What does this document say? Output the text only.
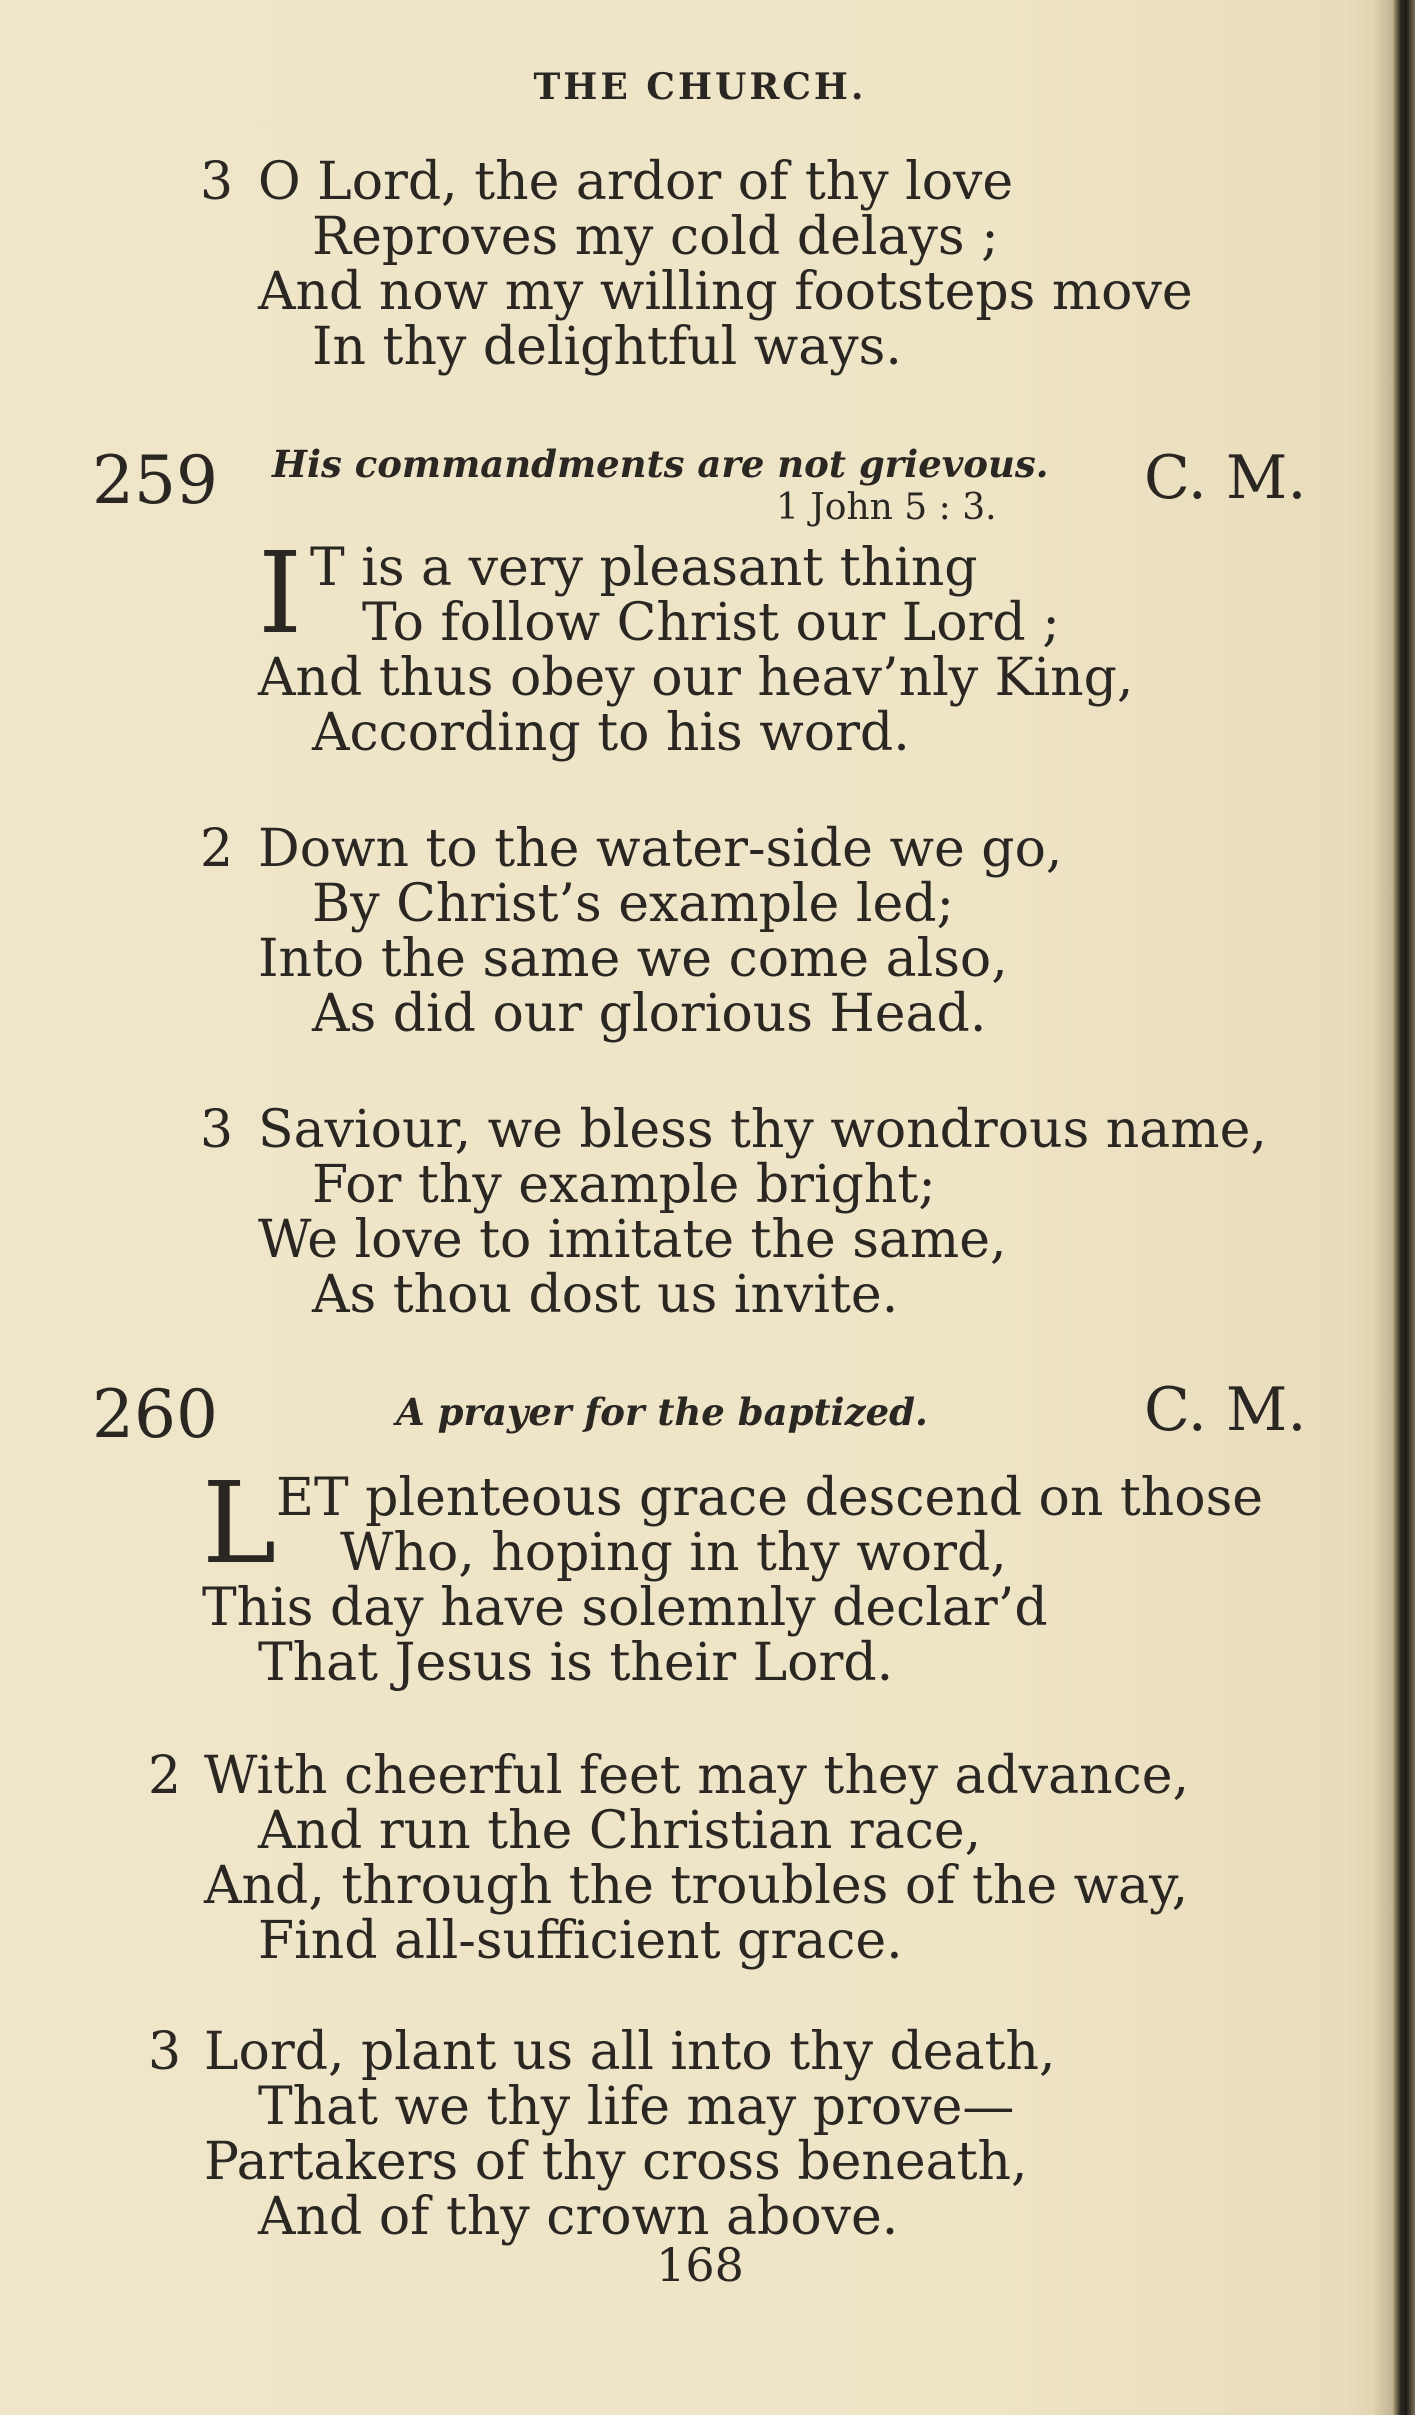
THE CHURCH.
3 O Lord, the ardor of thy love
Reproves my cold delays ;
And now my willing footsteps move
In thy delightful ways.
259 His commandments are not grievous.
1 John 5 : 3. C. M.
I T is a very pleasant thing
To follow Christ our Lord ;
And thus obey our heav’nly King,
According to his word.
2 Down to the water-side we go,
By Christ’s example led;
Into the same we come also,
As did our glorious Head.
3 Saviour, we bless thy wondrous name,
For thy example bright;
We love to imitate the same,
As thou dost us invite.
260	A prayer for the baptized.	C. M.
L ET plenteous grace descend on those
Who, hoping in thy word,
This day have solemnly declar’d
That Jesus is their Lord.
2 With cheerful feet may they advance,
And run the Christian race,
And, through the troubles of the way,
Find all-sufficient grace.
3 Lord, plant us all into thy death,
That we thy life may prove—
Partakers of thy cross beneath,
And of thy crown above.
168
